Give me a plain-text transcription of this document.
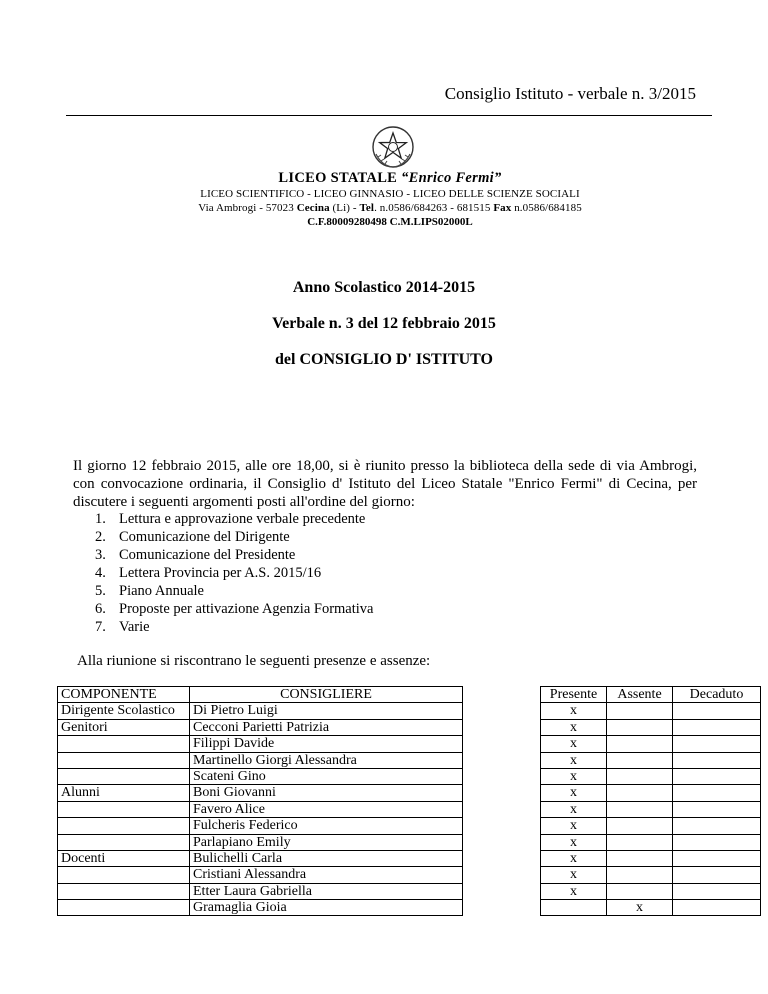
Consiglio Istituto - verbale n. 3/2015
LICEO STATALE “Enrico Fermi”
LICEO SCIENTIFICO - LICEO GINNASIO - LICEO DELLE SCIENZE SOCIALI
Via Ambrogi - 57023 Cecina (Li) - Tel. n.0586/684263 - 681515 Fax n.0586/684185
C.F.80009280498 C.M.LIPS02000L
Anno Scolastico 2014-2015
Verbale n. 3 del 12 febbraio 2015
del CONSIGLIO D' ISTITUTO
Il giorno 12 febbraio 2015, alle ore 18,00, si è riunito presso la biblioteca della sede di via Ambrogi, con convocazione ordinaria, il Consiglio d' Istituto del Liceo Statale "Enrico Fermi" di Cecina, per discutere i seguenti argomenti posti all'ordine del giorno:
1. Lettura e approvazione verbale precedente
2. Comunicazione del Dirigente
3. Comunicazione del Presidente
4. Lettera Provincia per A.S. 2015/16
5. Piano Annuale
6. Proposte per attivazione Agenzia Formativa
7. Varie
Alla riunione si riscontrano le seguenti presenze e assenze:
COMPONENTE	CONSIGLIERE		Presente	Assente	Decaduto
Dirigente Scolastico	Di Pietro Luigi		x		
Genitori	Cecconi Parietti Patrizia		x		
	Filippi Davide		x		
	Martinello Giorgi Alessandra		x		
	Scateni Gino		x		
Alunni	Boni Giovanni		x		
	Favero Alice		x		
	Fulcheris Federico		x		
	Parlapiano Emily		x		
Docenti	Bulichelli Carla		x		
	Cristiani Alessandra		x		
	Etter Laura Gabriella		x		
	Gramaglia Gioia			x	
